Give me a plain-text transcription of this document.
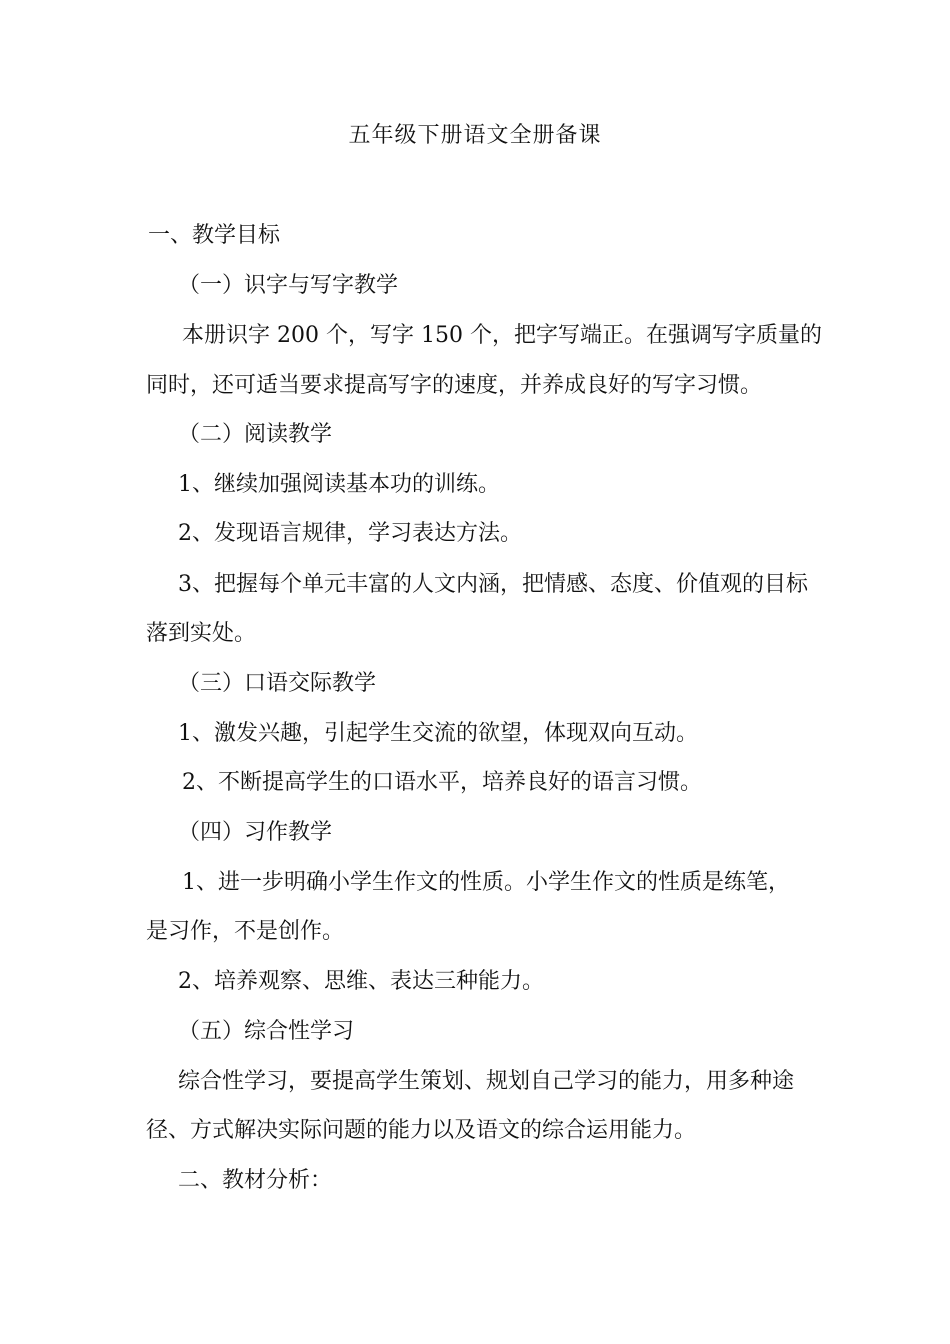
五年级下册语文全册备课
一、教学目标
（一）识字与写字教学
本册识字 200 个，写字 150 个，把字写端正。在强调写字质量的
同时，还可适当要求提高写字的速度，并养成良好的写字习惯。
（二）阅读教学
1、继续加强阅读基本功的训练。
2、发现语言规律，学习表达方法。
3、把握每个单元丰富的人文内涵，把情感、态度、价值观的目标
落到实处。
（三）口语交际教学
1、激发兴趣，引起学生交流的欲望，体现双向互动。
2、不断提高学生的口语水平，培养良好的语言习惯。
（四）习作教学
1、进一步明确小学生作文的性质。小学生作文的性质是练笔，
是习作，不是创作。
2、培养观察、思维、表达三种能力。
（五）综合性学习
综合性学习，要提高学生策划、规划自己学习的能力，用多种途
径、方式解决实际问题的能力以及语文的综合运用能力。
二、教材分析：
